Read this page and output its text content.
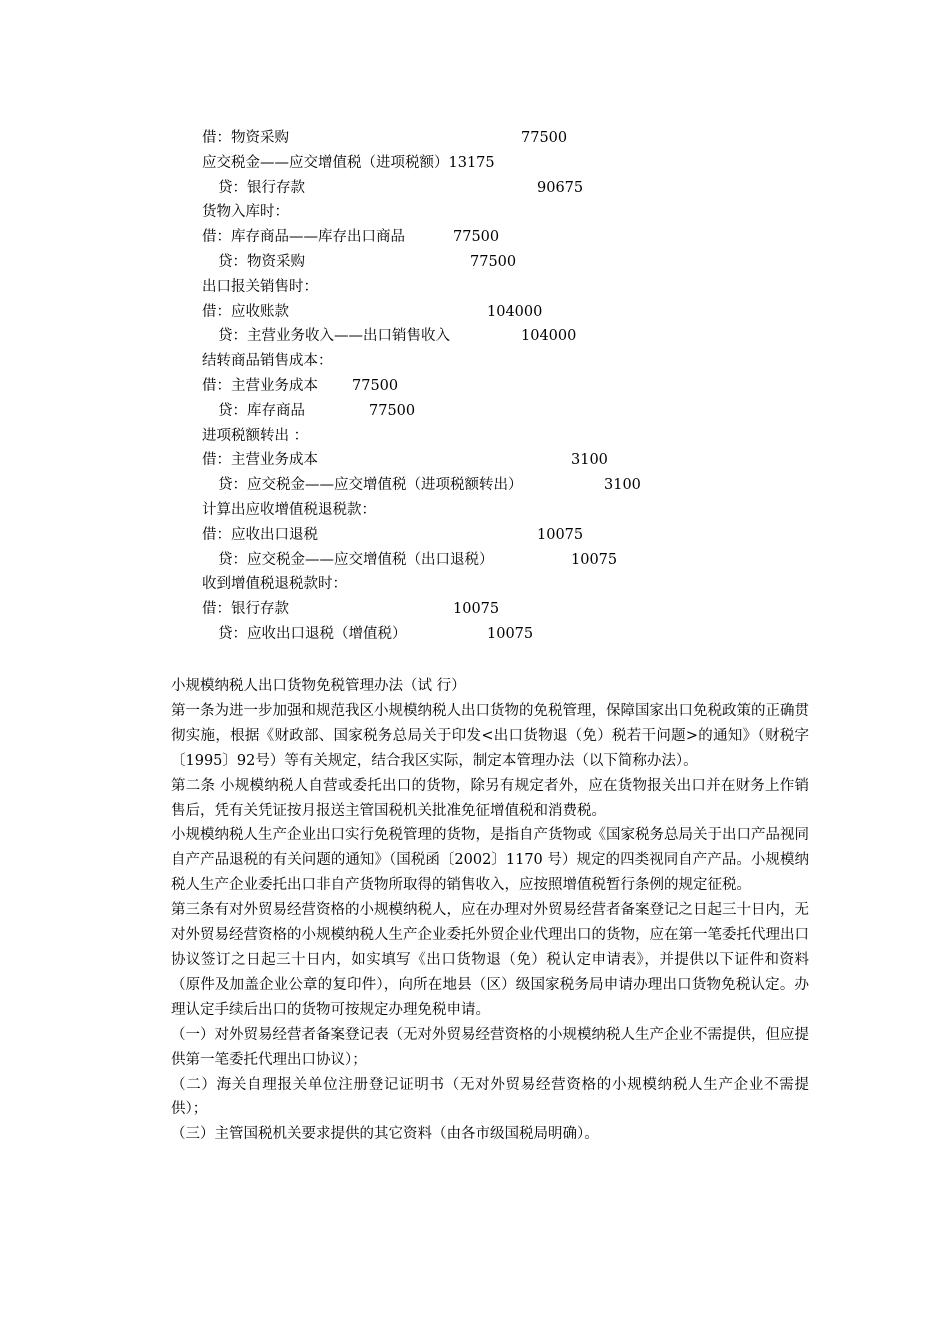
借：物资采购	77500
应交税金——应交增值税（进项税额）13175
贷：银行存款	90675
货物入库时：
借：库存商品——库存出口商品	77500
贷：物资采购	77500
出口报关销售时：
借：应收账款	104000
贷：主营业务收入——出口销售收入	104000
结转商品销售成本：
借：主营业务成本 77500
贷：库存商品	77500
进项税额转出 ：
借：主营业务成本	3100
贷：应交税金——应交增值税（进项税额转出）	3100
计算出应收增值税退税款：
借：应收出口退税	10075
贷：应交税金——应交增值税（出口退税）	10075
收到增值税退税款时：
借：银行存款	10075
贷：应收出口退税（增值税）	10075

小规模纳税人出口货物免税管理办法（试 行）

第一条为进一步加强和规范我区小规模纳税人出口货物的免税管理，保障国家出口免税政策的正确贯彻实施，根据《财政部、国家税务总局关于印发<出口货物退（免）税若干问题>的通知》（财税字〔1995〕92号）等有关规定，结合我区实际，制定本管理办法（以下简称办法）。

第二条 小规模纳税人自营或委托出口的货物，除另有规定者外，应在货物报关出口并在财务上作销售后，凭有关凭证按月报送主管国税机关批准免征增值税和消费税。

小规模纳税人生产企业出口实行免税管理的货物，是指自产货物或《国家税务总局关于出口产品视同自产产品退税的有关问题的通知》（国税函〔2002〕1170 号）规定的四类视同自产产品。小规模纳税人生产企业委托出口非自产货物所取得的销售收入，应按照增值税暂行条例的规定征税。

第三条有对外贸易经营资格的小规模纳税人，应在办理对外贸易经营者备案登记之日起三十日内，无对外贸易经营资格的小规模纳税人生产企业委托外贸企业代理出口的货物，应在第一笔委托代理出口协议签订之日起三十日内，如实填写《出口货物退（免）税认定申请表》，并提供以下证件和资料（原件及加盖企业公章的复印件），向所在地县（区）级国家税务局申请办理出口货物免税认定。办理认定手续后出口的货物可按规定办理免税申请。

（一）对外贸易经营者备案登记表（无对外贸易经营资格的小规模纳税人生产企业不需提供，但应提供第一笔委托代理出口协议）；

（二）海关自理报关单位注册登记证明书（无对外贸易经营资格的小规模纳税人生产企业不需提供）；

（三）主管国税机关要求提供的其它资料（由各市级国税局明确）。
